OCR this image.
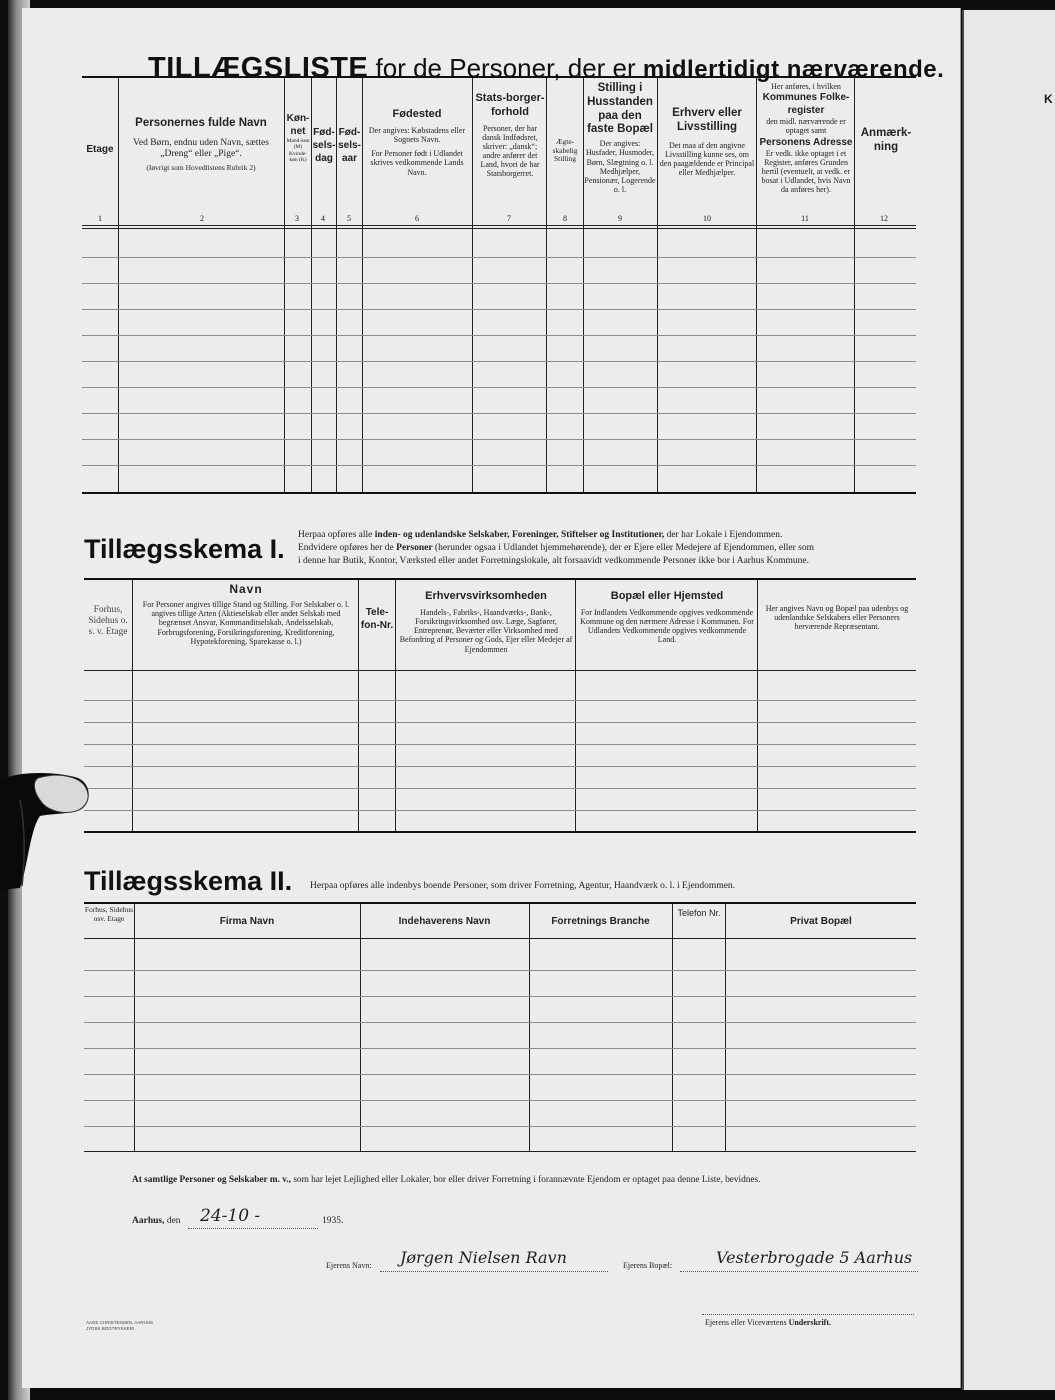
K
TILLÆGSLISTE for de Personer, der er midlertidigt nærværende.
Etage
Personernes fulde Navn
Ved Børn, endnu uden Navn, sættes „Dreng“ eller „Pige“.
(Iøvrigt som Hovedlistens Rubrik 2)
Køn-net
Mand-køn (M) Kvinde-køn (K)
Fød-sels-dag
Fød-sels-aar
Fødested
Der angives: Købstadens eller Sognets Navn.
For Personer født i Udlandet skrives vedkommende Lands Navn.
Stats-borger-forhold
Personer, der har dansk Indfødsret, skriver: „dansk“; andre anfører det Land, hvori de har Statsborgerret.
Ægte-skabelig Stilling
Stilling i Husstanden paa den faste Bopæl
Der angives: Husfader, Husmoder, Børn, Slægtning o. l. Medhjælper, Pensionær, Logerende o. l.
Erhverv eller Livsstilling
Det maa af den angivne Livsstilling kunne ses, om den paagældende er Principal eller Medhjælper.
Her anføres, i hvilken
Kommunes Folke-register
den midl. nærværende er optaget samt
Personens Adresse
Er vedk. ikke optaget i et Register, anføres Grunden hertil (eventuelt, at vedk. er bosat i Udlandet, hvis Navn da anføres her).
Anmærk-ning
1	2	3	4	5	6	7	8	9	10	11	12
Tillægsskema I. Herpaa opføres alle inden- og udenlandske Selskaber, Foreninger, Stiftelser og Institutioner, der har Lokale i Ejendommen.
Endvidere opføres her de Personer (herunder ogsaa i Udlandet hjemmehørende), der er Ejere eller Medejere af Ejendommen, eller som
i denne har Butik, Kontor, Værksted eller andet Forretningslokale, alt forsaavidt vedkommende Personer ikke bor i Aarhus Kommune.
Forhus, Sidehus o. s. v. Etage
Navn
For Personer angives tillige Stand og Stilling. For Selskaber o. l. angives tillige Arten (Aktieselskab eller andet Selskab med begrænset Ansvar, Kommanditselskab, Andelsselskab, Forbrugsforening, Forsikringsforening, Kreditforening, Hypotekforening, Sparekasse o. l.)
Tele-fon-Nr.
Erhvervsvirksomheden
Handels-, Fabriks-, Haandværks-, Bank-, Forsikringsvirksomhed osv. Læge, Sagfører, Entreprenør, Beværter eller Virksomhed med Befordring af Personer og Gods, Ejer eller Medejer af Ejendommen
Bopæl eller Hjemsted
For Indlandets Vedkommende opgives vedkommende Kommune og den nærmere Adresse i Kommunen. For Udlandets Vedkommende opgives vedkommende Land.
Her angives Navn og Bopæl paa udenbys og udenlandske Selskabers eller Personers herværende Repræsentant.
Tillægsskema II. Herpaa opføres alle indenbys boende Personer, som driver Forretning, Agentur, Haandværk o. l. i Ejendommen.
Forhus, Sidehus osv. Etage	Firma Navn	Indehaverens Navn	Forretnings Branche
Telefon Nr.
Privat Bopæl
At samtlige Personer og Selskaber m. v., som har lejet Lejlighed eller Lokaler, bor eller driver Forretning i forannævnte Ejendom er optaget paa denne Liste, bevidnes.
Aarhus, den 24-10 -	1935.
Ejerens Navn: Jørgen Nielsen Ravn	Ejerens Bopæl:	Vesterbrogade 5 Aarhus
Ejerens eller Viceværtens Underskrift.
AAGE CHRISTENSEN, AARHUS
JYDSK BOGTRYKKERI
